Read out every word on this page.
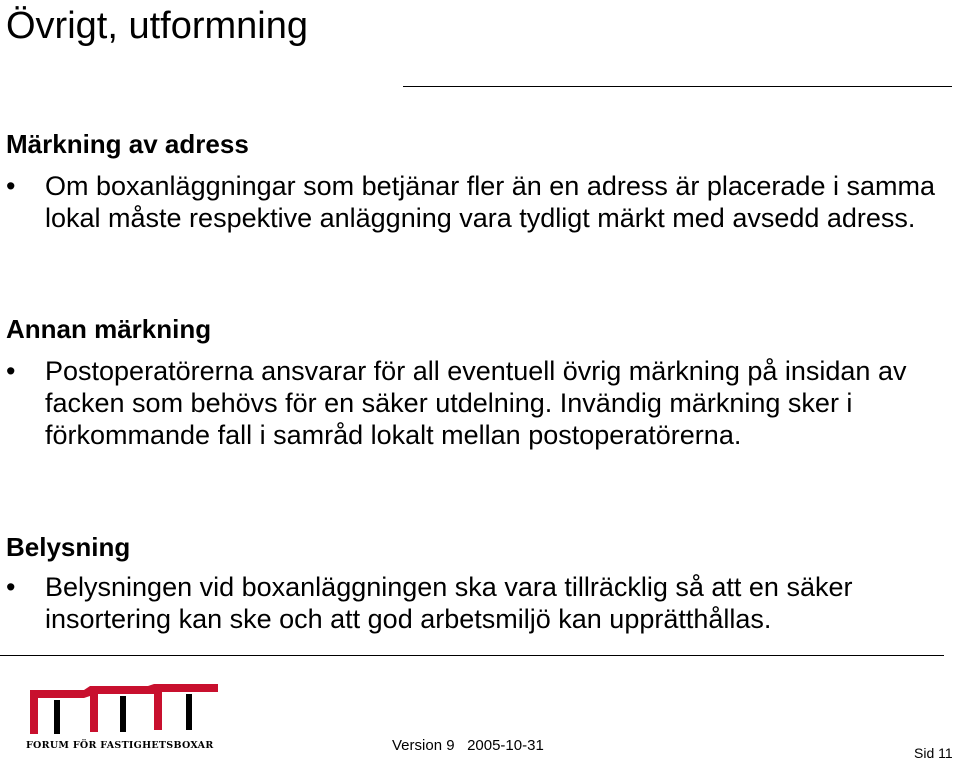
Övrigt, utformning
Märkning av adress
• Om boxanläggningar som betjänar fler än en adress är placerade i samma lokal måste respektive anläggning vara tydligt märkt med avsedd adress.
Annan märkning
• Postoperatörerna ansvarar för all eventuell övrig märkning på insidan av facken som behövs för en säker utdelning. Invändig märkning sker i förkommande fall i samråd lokalt mellan postoperatörerna.
Belysning
• Belysningen vid boxanläggningen ska vara tillräcklig så att en säker insortering kan ske och att god arbetsmiljö kan upprätthållas.
FORUM FÖR FASTIGHETSBOXAR	Version 9 2005-10-31	Sid 11
